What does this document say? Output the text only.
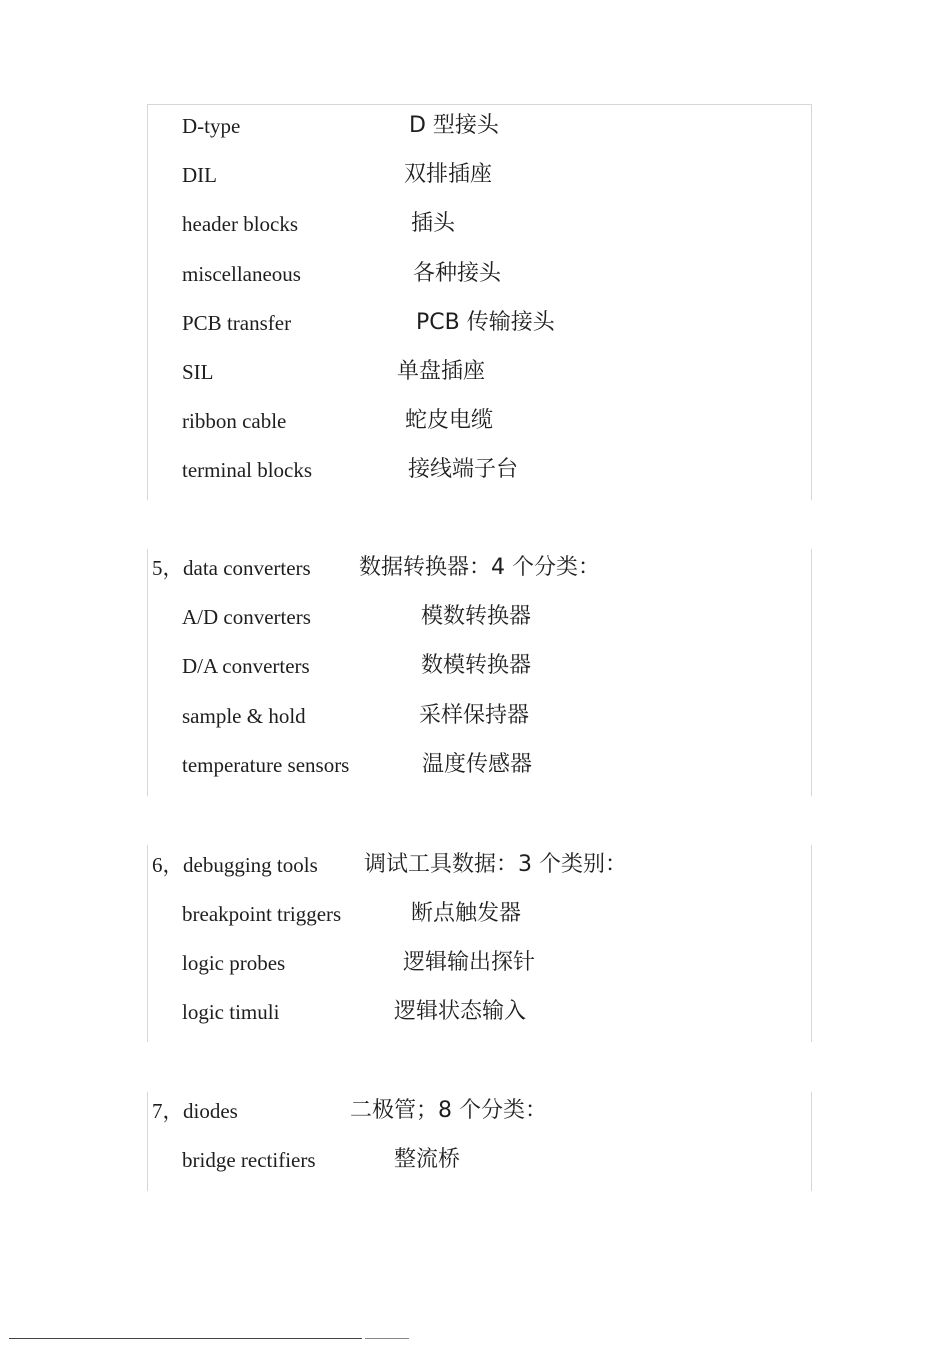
D-type	D 型接头
DIL	双排插座
header blocks	插头
miscellaneous	各种接头
PCB transfer	PCB 传输接头
SIL	单盘插座
ribbon cable	蛇皮电缆
terminal blocks	接线端子台
5， data converters 数据转换器：4 个分类：
A/D converters	模数转换器
D/A converters	数模转换器
sample & hold	采样保持器
temperature sensors	温度传感器
6， debugging tools 调试工具数据：3 个类别：
breakpoint triggers	断点触发器
logic probes	逻辑输出探针
logic timuli	逻辑状态输入
7， diodes	二极管；8 个分类：
bridge rectifiers	整流桥
